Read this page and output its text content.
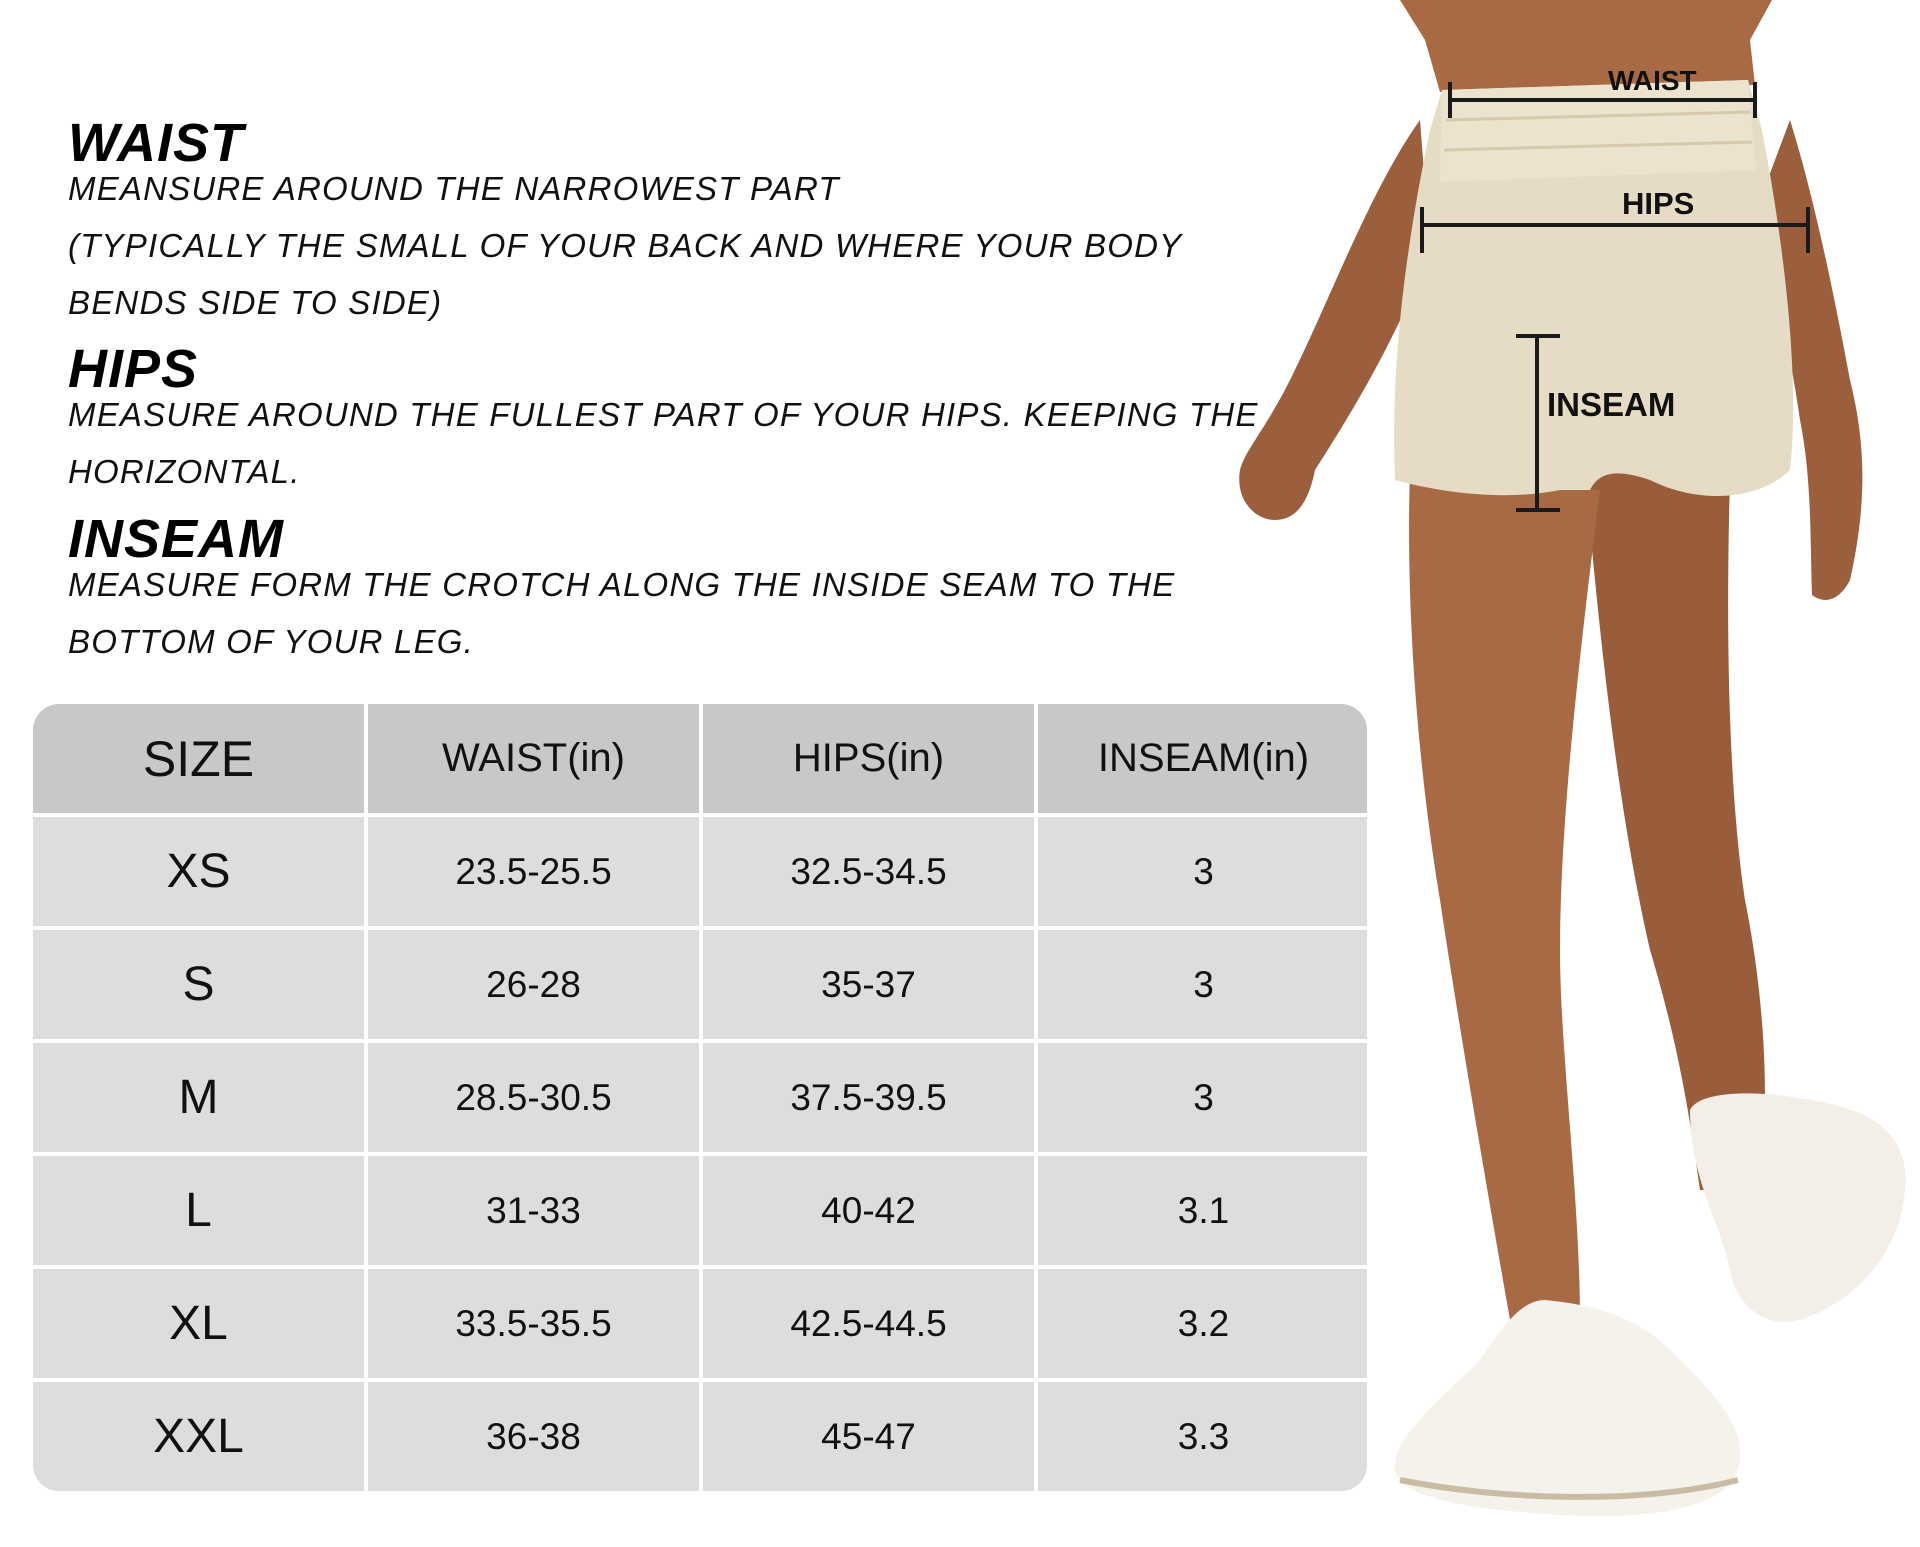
WAIST
MEANSURE AROUND THE NARROWEST PART
(TYPICALLY THE SMALL OF YOUR BACK AND WHERE YOUR BODY
BENDS SIDE TO SIDE)
HIPS
MEASURE AROUND THE FULLEST PART OF YOUR HIPS. KEEPING THE
HORIZONTAL.
INSEAM
MEASURE FORM THE CROTCH ALONG THE INSIDE SEAM TO THE
BOTTOM OF YOUR LEG.
SIZE	WAIST(in)	HIPS(in)	INSEAM(in)
XS	23.5-25.5	32.5-34.5	3
S	26-28	35-37	3
M	28.5-30.5	37.5-39.5	3
L	31-33	40-42	3.1
XL	33.5-35.5	42.5-44.5	3.2
XXL	36-38	45-47	3.3
WAIST
HIPS
INSEAM
